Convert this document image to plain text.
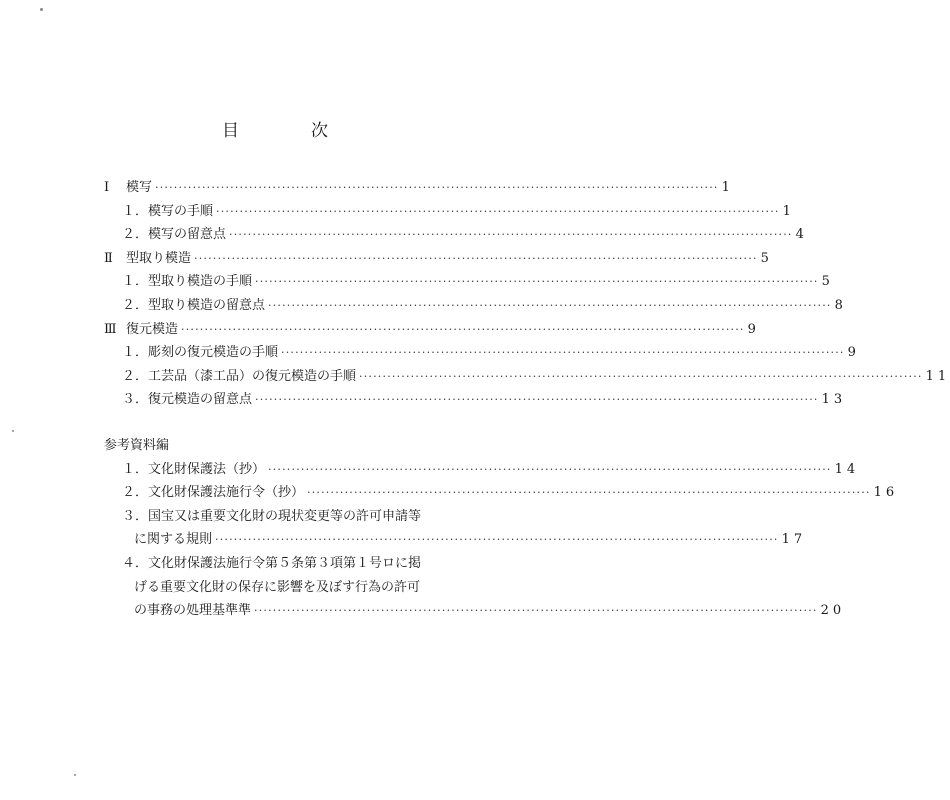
目	次
Ⅰ 模写 ························································································································ 1
１．模写の手順 ························································································································ 1
２．模写の留意点 ························································································································ 4
Ⅱ 型取り模造 ························································································································ 5
１．型取り模造の手順 ························································································································ 5
２．型取り模造の留意点 ························································································································ 8
Ⅲ 復元模造 ························································································································ 9
１．彫刻の復元模造の手順 ························································································································ 9
２．工芸品（漆工品）の復元模造の手順 ························································································································ 11
３．復元模造の留意点 ························································································································ 13
参考資料編
１．文化財保護法（抄） ························································································································ 14
２．文化財保護法施行令（抄） ························································································································ 16
３．国宝又は重要文化財の現状変更等の許可申請等
に関する規則 ························································································································ 17
４．文化財保護法施行令第５条第３項第１号ロに掲
げる重要文化財の保存に影響を及ぼす行為の許可
の事務の処理基準準 ························································································································ 20
